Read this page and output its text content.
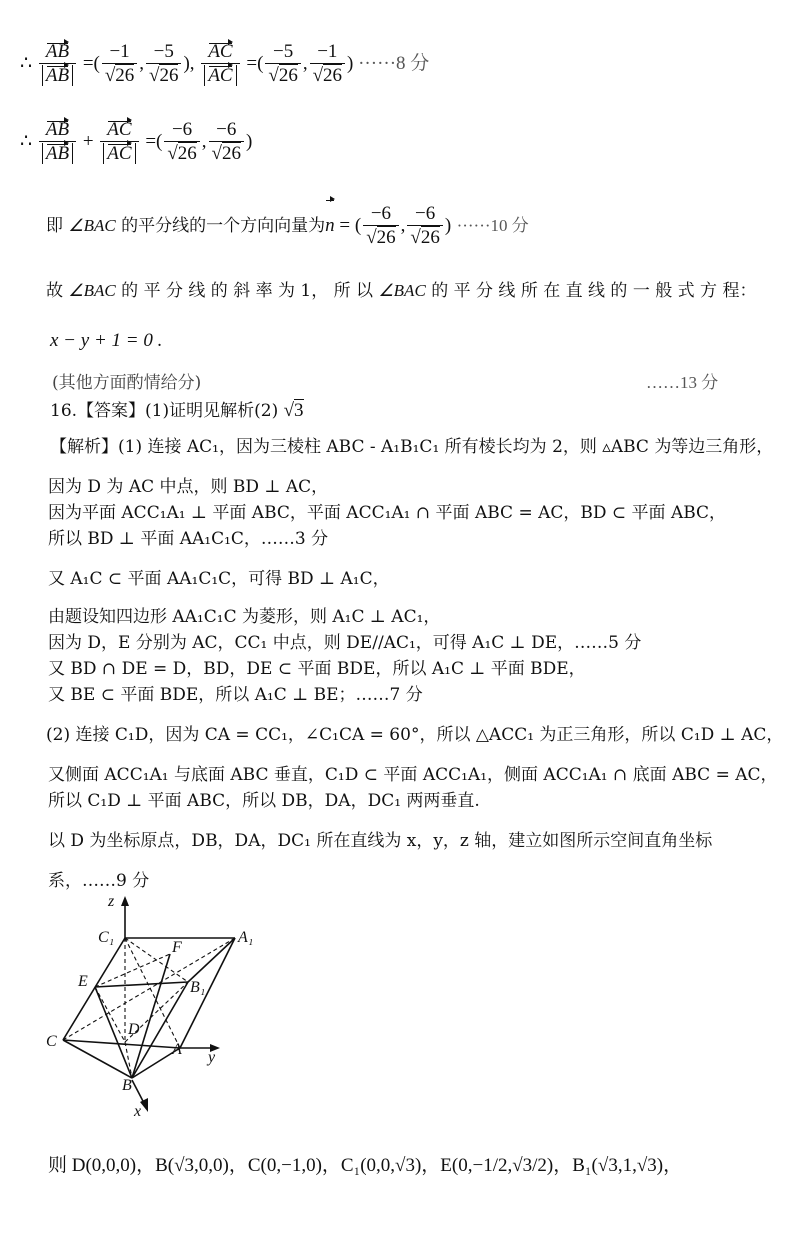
∴ $\frac{AB}{AB}$ =( $\frac{-1}{√26}$ , $\frac{-5}{√26}$ ), $\frac{AC}{AC}$ =( $\frac{-5}{√26}$ , $\frac{-1}{√26}$ ) ······8 分
∴ $\frac{AB}{AB} + \frac{AC}{AC}$ =( $\frac{-6}{√26}$ , $\frac{-6}{√26}$ )
即 ∠BAC 的平分线的一个方向向量为n = ( $\frac{-6}{√26}$ , $\frac{-6}{√26}$ ) ······10 分
故 ∠BAC 的 平 分 线 的 斜 率 为 1， 所 以 ∠BAC 的 平 分 线 所 在 直 线 的 一 般 式 方 程：
x − y + 1 = 0 .
(其他方面酌情给分)	……13 分
16.【答案】(1)证明见解析(2) √3
【解析】(1) 连接 AC₁，因为三棱柱 ABC - A₁B₁C₁ 所有棱长均为 2，则 ▵ABC 为等边三角形，
因为 D 为 AC 中点，则 BD ⊥ AC，
因为平面 ACC₁A₁ ⊥ 平面 ABC，平面 ACC₁A₁ ∩ 平面 ABC = AC，BD ⊂ 平面 ABC，
所以 BD ⊥ 平面 AA₁C₁C，……3 分
又 A₁C ⊂ 平面 AA₁C₁C，可得 BD ⊥ A₁C，
由题设知四边形 AA₁C₁C 为菱形，则 A₁C ⊥ AC₁，
因为 D，E 分别为 AC，CC₁ 中点，则 DE//AC₁，可得 A₁C ⊥ DE，……5 分
又 BD ∩ DE = D，BD，DE ⊂ 平面 BDE，所以 A₁C ⊥ 平面 BDE，
又 BE ⊂ 平面 BDE，所以 A₁C ⊥ BE；……7 分
(2) 连接 C₁D，因为 CA = CC₁，∠C₁CA = 60°，所以 △ACC₁ 为正三角形，所以 C₁D ⊥ AC，
又侧面 ACC₁A₁ 与底面 ABC 垂直，C₁D ⊂ 平面 ACC₁A₁，侧面 ACC₁A₁ ∩ 底面 ABC = AC，
所以 C₁D ⊥ 平面 ABC，所以 DB，DA，DC₁ 两两垂直.
以 D 为坐标原点，DB，DA，DC₁ 所在直线为 x，y，z 轴，建立如图所示空间直角坐标
系，……9 分
z
C₁	A₁
F
E	B₁
D
C	A y
B
x
则 D(0,0,0)，B(√3,0,0)，C(0,−1,0)，C₁(0,0,√3)，E(0,−1/2,√3/2)，B₁(√3,1,√3)，
